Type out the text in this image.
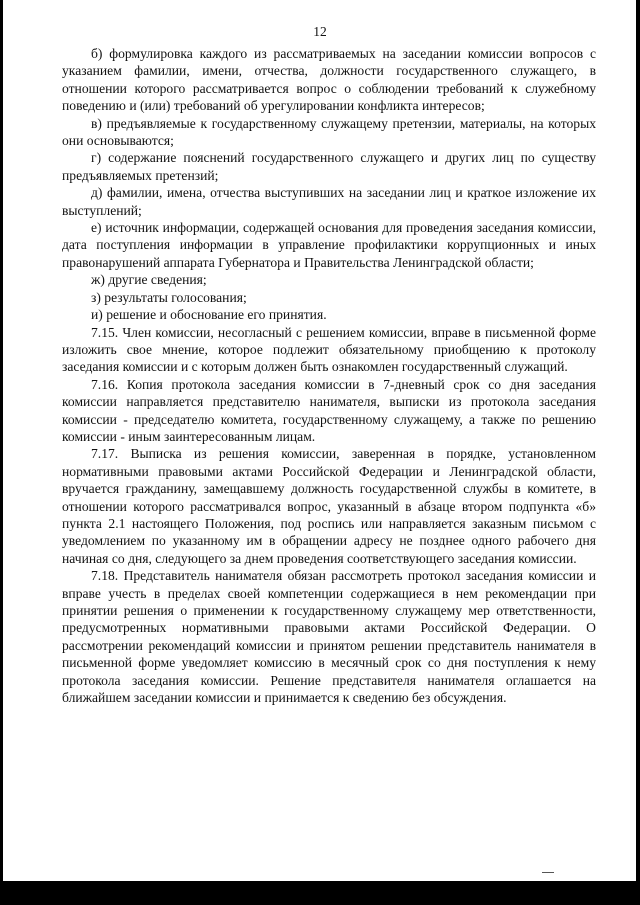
12

б) формулировка каждого из рассматриваемых на заседании комиссии вопросов с указанием фамилии, имени, отчества, должности государственного служащего, в отношении которого рассматривается вопрос о соблюдении требований к служебному поведению и (или) требований об урегулировании конфликта интересов;

в) предъявляемые к государственному служащему претензии, материалы, на которых они основываются;

г) содержание пояснений государственного служащего и других лиц по существу предъявляемых претензий;

д) фамилии, имена, отчества выступивших на заседании лиц и краткое изложение их выступлений;

е) источник информации, содержащей основания для проведения заседания комиссии, дата поступления информации в управление профилактики коррупционных и иных правонарушений аппарата Губернатора и Правительства Ленинградской области;

ж) другие сведения;

з) результаты голосования;

и) решение и обоснование его принятия.

7.15. Член комиссии, несогласный с решением комиссии, вправе в письменной форме изложить свое мнение, которое подлежит обязательному приобщению к протоколу заседания комиссии и с которым должен быть ознакомлен государственный служащий.

7.16. Копия протокола заседания комиссии в 7-дневный срок со дня заседания комиссии направляется представителю нанимателя, выписки из протокола заседания комиссии - председателю комитета, государственному служащему, а также по решению комиссии - иным заинтересованным лицам.

7.17. Выписка из решения комиссии, заверенная в порядке, установленном нормативными правовыми актами Российской Федерации и Ленинградской области, вручается гражданину, замещавшему должность государственной службы в комитете, в отношении которого рассматривался вопрос, указанный в абзаце втором подпункта «б» пункта 2.1 настоящего Положения, под роспись или направляется заказным письмом с уведомлением по указанному им в обращении адресу не позднее одного рабочего дня начиная со дня, следующего за днем проведения соответствующего заседания комиссии.

7.18. Представитель нанимателя обязан рассмотреть протокол заседания комиссии и вправе учесть в пределах своей компетенции содержащиеся в нем рекомендации при принятии решения о применении к государственному служащему мер ответственности, предусмотренных нормативными правовыми актами Российской Федерации. О рассмотрении рекомендаций комиссии и принятом решении представитель нанимателя в письменной форме уведомляет комиссию в месячный срок со дня поступления к нему протокола заседания комиссии. Решение представителя нанимателя оглашается на ближайшем заседании комиссии и принимается к сведению без обсуждения.
